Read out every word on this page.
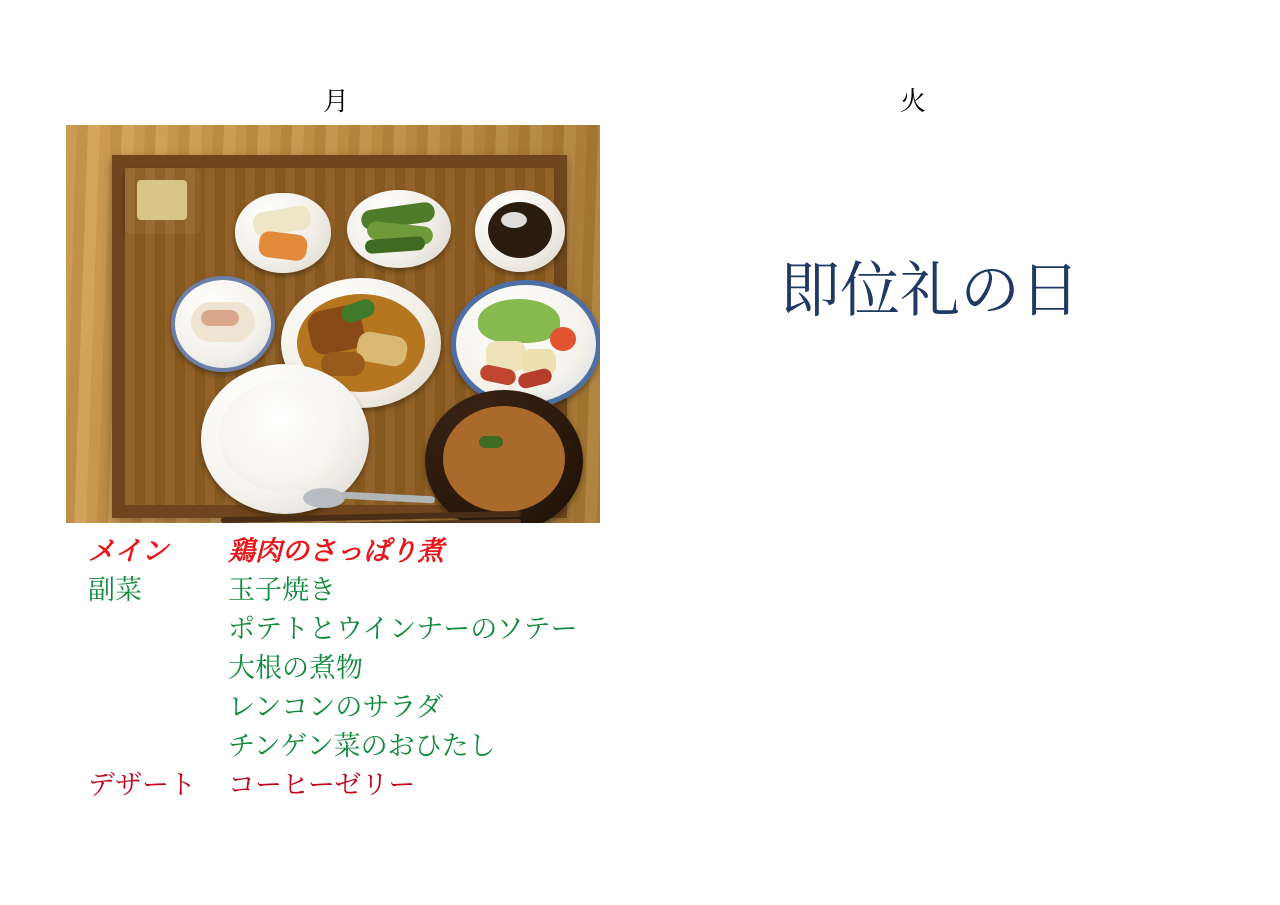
月	火
即位礼の日
メイン	鶏肉のさっぱり煮
副菜	玉子焼き
ポテトとウインナーのソテー
大根の煮物
レンコンのサラダ
チンゲン菜のおひたし
デザート	コーヒーゼリー
